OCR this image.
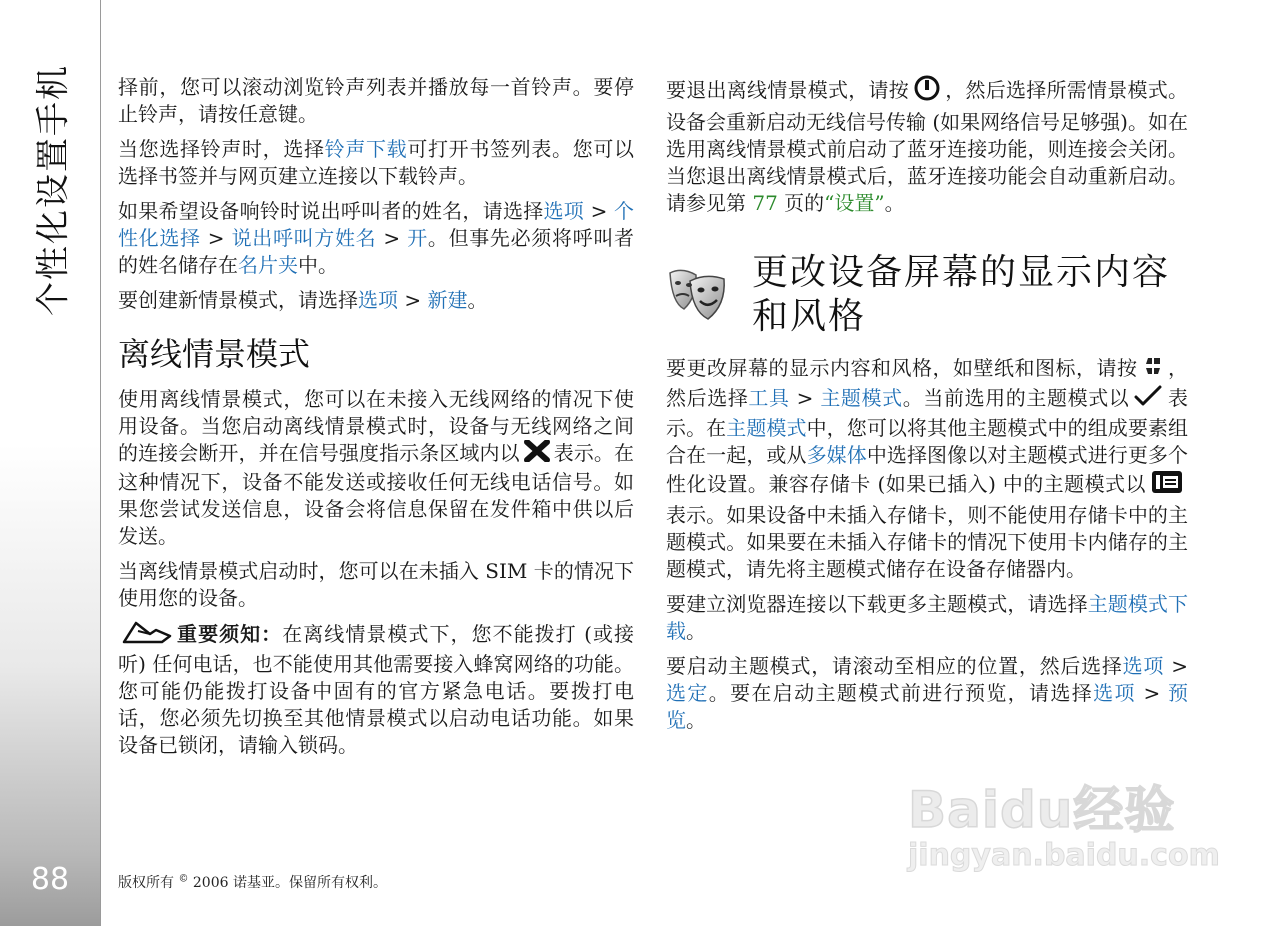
个性化设置手机
88

择前，您可以滚动浏览铃声列表并播放每一首铃声。要停止铃声，请按任意键。

当您选择铃声时，选择铃声下载可打开书签列表。您可以选择书签并与网页建立连接以下载铃声。

如果希望设备响铃时说出呼叫者的姓名，请选择选项 > 个性化选择 > 说出呼叫方姓名 > 开。但事先必须将呼叫者的姓名储存在名片夹中。

要创建新情景模式，请选择选项 > 新建。

离线情景模式

使用离线情景模式，您可以在未接入无线网络的情况下使用设备。当您启动离线情景模式时，设备与无线网络之间的连接会断开，并在信号强度指示条区域内以 表示。在这种情况下，设备不能发送或接收任何无线电话信号。如果您尝试发送信息，设备会将信息保留在发件箱中供以后发送。

当离线情景模式启动时，您可以在未插入 SIM 卡的情况下使用您的设备。

重要须知：在离线情景模式下，您不能拨打 (或接听) 任何电话，也不能使用其他需要接入蜂窝网络的功能。您可能仍能拨打设备中固有的官方紧急电话。要拨打电话，您必须先切换至其他情景模式以启动电话功能。如果设备已锁闭，请输入锁码。

要退出离线情景模式，请按 ，然后选择所需情景模式。设备会重新启动无线信号传输 (如果网络信号足够强)。如在选用离线情景模式前启动了蓝牙连接功能，则连接会关闭。当您退出离线情景模式后，蓝牙连接功能会自动重新启动。请参见第 77 页的“设置”。

更改设备屏幕的显示内容和风格

要更改屏幕的显示内容和风格，如壁纸和图标，请按 ，然后选择工具 > 主题模式。当前选用的主题模式以 表示。在主题模式中，您可以将其他主题模式中的组成要素组合在一起，或从多媒体中选择图像以对主题模式进行更多个性化设置。兼容存储卡 (如果已插入) 中的主题模式以表示。如果设备中未插入存储卡，则不能使用存储卡中的主题模式。如果要在未插入存储卡的情况下使用卡内储存的主题模式，请先将主题模式储存在设备存储器内。

要建立浏览器连接以下载更多主题模式，请选择主题模式下载。

要启动主题模式，请滚动至相应的位置，然后选择选项 > 选定。要在启动主题模式前进行预览，请选择选项 > 预览。

版权所有 © 2006 诺基亚。保留所有权利。
Baidu经验
jingyan.baidu.com
